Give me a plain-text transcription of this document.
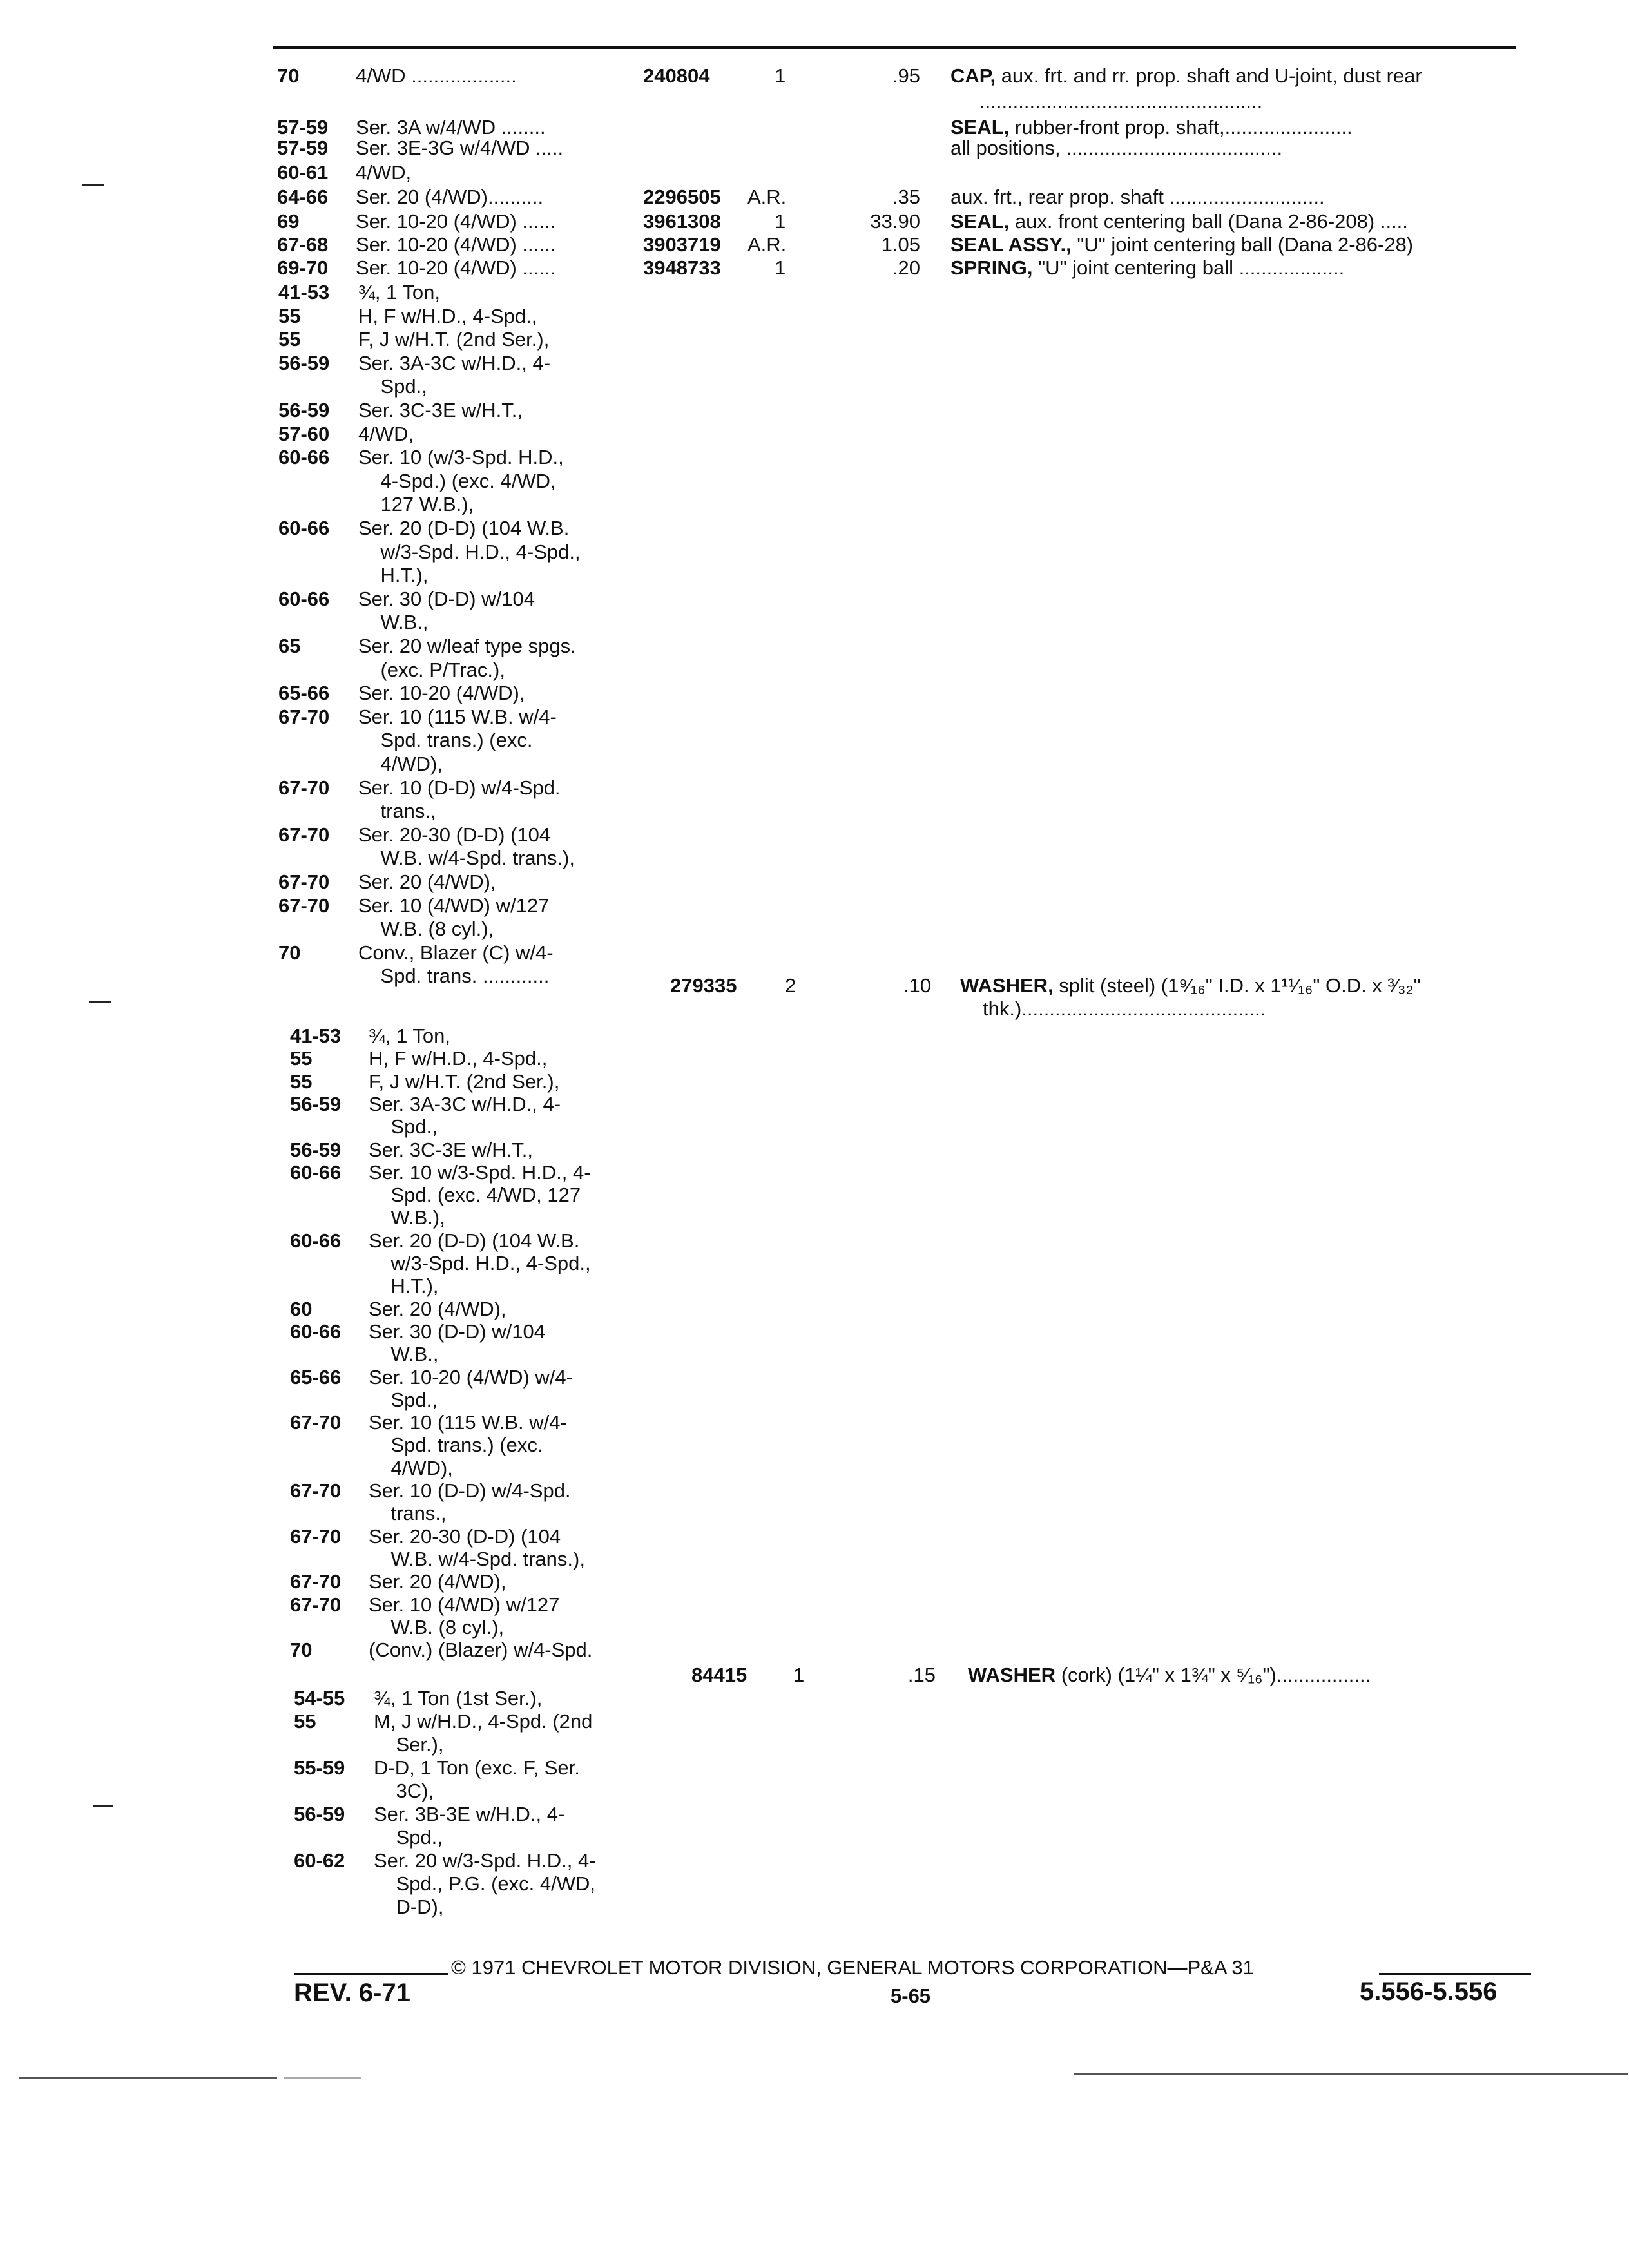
70	4/WD ...................	240804	1	.95 CAP, aux. frt. and rr. prop. shaft and U-joint, dust rear
...................................................
57-59 Ser. 3A w/4/WD ........	SEAL, rubber-front prop. shaft,.......................
57-59 Ser. 3E-3G w/4/WD .....	all positions, .......................................
60-61 4/WD,
64-66 Ser. 20 (4/WD)..........	2296505 A.R.	.35 aux. frt., rear prop. shaft ............................
69	Ser. 10-20 (4/WD) ......	3961308	1	33.90 SEAL, aux. front centering ball (Dana 2-86-208) .....
67-68 Ser. 10-20 (4/WD) ......	3903719 A.R.	1.05 SEAL ASSY., "U" joint centering ball (Dana 2-86-28)
69-70 Ser. 10-20 (4/WD) ......	3948733	1	.20 SPRING, "U" joint centering ball ...................
41-53 ¾, 1 Ton,
55	H, F w/H.D., 4-Spd.,
55	F, J w/H.T. (2nd Ser.),
56-59 Ser. 3A-3C w/H.D., 4-
Spd.,
56-59 Ser. 3C-3E w/H.T.,
57-60 4/WD,
60-66 Ser. 10 (w/3-Spd. H.D.,
4-Spd.) (exc. 4/WD,
127 W.B.),
60-66 Ser. 20 (D-D) (104 W.B.
w/3-Spd. H.D., 4-Spd.,
H.T.),
60-66 Ser. 30 (D-D) w/104
W.B.,
65	Ser. 20 w/leaf type spgs.
(exc. P/Trac.),
65-66 Ser. 10-20 (4/WD),
67-70 Ser. 10 (115 W.B. w/4-
Spd. trans.) (exc.
4/WD),
67-70 Ser. 10 (D-D) w/4-Spd.
trans.,
67-70 Ser. 20-30 (D-D) (104
W.B. w/4-Spd. trans.),
67-70 Ser. 20 (4/WD),
67-70 Ser. 10 (4/WD) w/127
W.B. (8 cyl.),
70	Conv., Blazer (C) w/4-
Spd. trans. ............	279335 2	.10 WASHER, split (steel) (1⁹⁄₁₆" I.D. x 1¹¹⁄₁₆" O.D. x ³⁄₃₂"
thk.)............................................
41-53 ¾, 1 Ton,
55	H, F w/H.D., 4-Spd.,
55	F, J w/H.T. (2nd Ser.),
56-59 Ser. 3A-3C w/H.D., 4-
Spd.,
56-59 Ser. 3C-3E w/H.T.,
60-66 Ser. 10 w/3-Spd. H.D., 4-
Spd. (exc. 4/WD, 127
W.B.),
60-66 Ser. 20 (D-D) (104 W.B.
w/3-Spd. H.D., 4-Spd.,
H.T.),
60	Ser. 20 (4/WD),
60-66 Ser. 30 (D-D) w/104
W.B.,
65-66 Ser. 10-20 (4/WD) w/4-
Spd.,
67-70 Ser. 10 (115 W.B. w/4-
Spd. trans.) (exc.
4/WD),
67-70 Ser. 10 (D-D) w/4-Spd.
trans.,
67-70 Ser. 20-30 (D-D) (104
W.B. w/4-Spd. trans.),
67-70 Ser. 20 (4/WD),
67-70 Ser. 10 (4/WD) w/127
W.B. (8 cyl.),
70	(Conv.) (Blazer) w/4-Spd.
84415 1	.15 WASHER (cork) (1¼" x 1¾" x ⁵⁄₁₆").................
54-55 ¾, 1 Ton (1st Ser.),
55	M, J w/H.D., 4-Spd. (2nd
Ser.),
55-59 D-D, 1 Ton (exc. F, Ser.
3C),
56-59 Ser. 3B-3E w/H.D., 4-
Spd.,
60-62 Ser. 20 w/3-Spd. H.D., 4-
Spd., P.G. (exc. 4/WD,
D-D),
© 1971 CHEVROLET MOTOR DIVISION, GENERAL MOTORS CORPORATION—P&A 31
REV. 6-71	5-65	5.556-5.556
